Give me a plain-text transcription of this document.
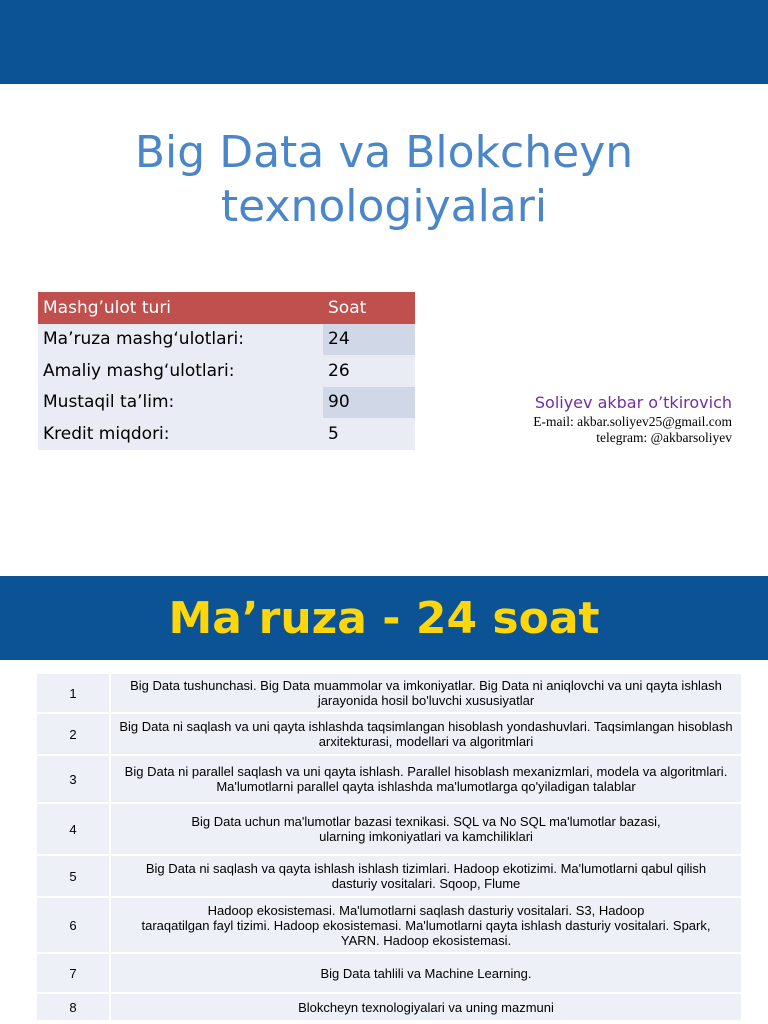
Big Data va Blokcheyn
texnologiyalari
Mashg’ulot turi	Soat
Ma’ruza mashg‘ulotlari:	24
Amaliy mashg‘ulotlari:	26
Mustaqil ta’lim:	90
Kredit miqdori:	5
Soliyev akbar o’tkirovich
E-mail: akbar.soliyev25@gmail.com
telegram: @akbarsoliyev
Ma’ruza - 24 soat
1	Big Data tushunchasi. Big Data muammolar va imkoniyatlar. Big Data ni aniqlovchi va uni qayta ishlash
jarayonida hosil bo'luvchi xususiyatlar

2	Big Data ni saqlash va uni qayta ishlashda taqsimlangan hisoblash yondashuvlari. Taqsimlangan hisoblash
arxitekturasi, modellari va algoritmlari

3	Big Data ni parallel saqlash va uni qayta ishlash. Parallel hisoblash mexanizmlari, modela va algoritmlari.
Ma'lumotlarni parallel qayta ishlashda ma'lumotlarga qo'yiladigan talablar

4	Big Data uchun ma'lumotlar bazasi texnikasi. SQL va No SQL ma'lumotlar bazasi,
ularning imkoniyatlari va kamchiliklari

5	Big Data ni saqlash va qayta ishlash ishlash tizimlari. Hadoop ekotizimi. Ma'lumotlarni qabul qilish
dasturiy vositalari. Sqoop, Flume

6	Hadoop ekosistemasi. Ma'lumotlarni saqlash dasturiy vositalari. S3, Hadoop
taraqatilgan fayl tizimi. Hadoop ekosistemasi. Ma'lumotlarni qayta ishlash dasturiy vositalari. Spark,
YARN. Hadoop ekosistemasi.

7	Big Data tahlili va Machine Learning.

8	Blokcheyn texnologiyalari va uning mazmuni
